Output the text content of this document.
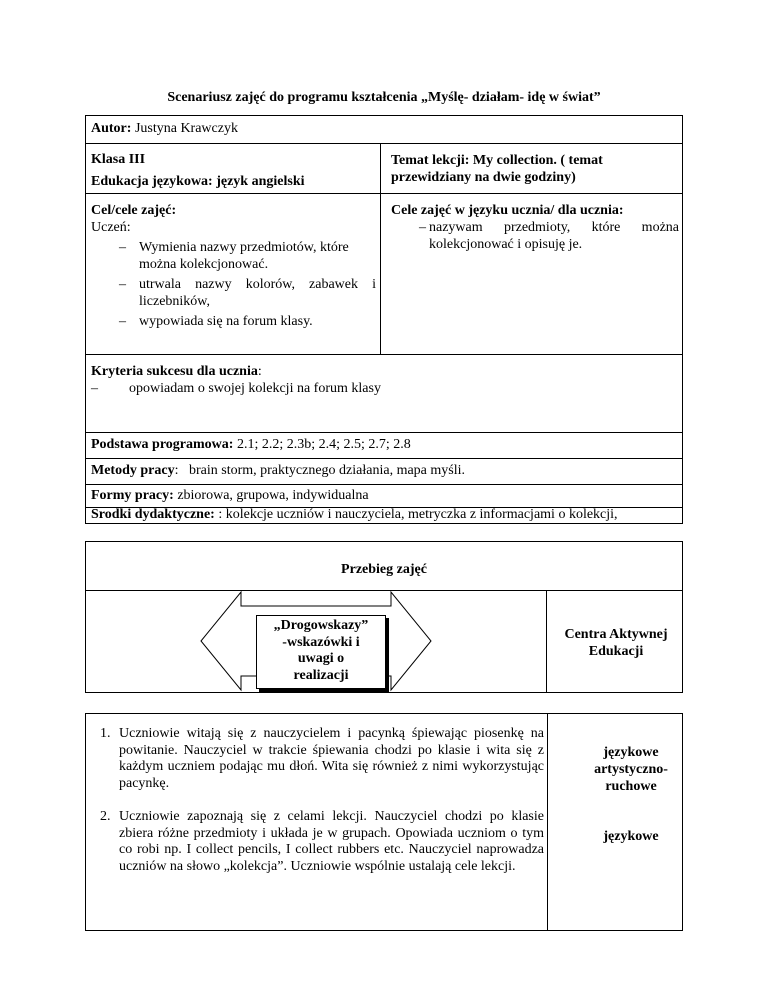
Scenariusz zajęć do programu kształcenia „Myślę- działam- idę w świat”
Autor: Justyna Krawczyk
Klasa III
Edukacja językowa: język angielski
Temat lekcji: My collection. ( temat przewidziany na dwie godziny)
Cel/cele zajęć:
Uczeń:
– Wymienia nazwy przedmiotów, które można kolekcjonować.
– utrwala nazwy kolorów, zabawek i liczebników,
– wypowiada się na forum klasy.
Cele zajęć w języku ucznia/ dla ucznia:
– nazywam przedmioty, które można kolekcjonować i opisuję je.
Kryteria sukcesu dla ucznia:
– opowiadam o swojej kolekcji na forum klasy
Podstawa programowa: 2.1; 2.2; 2.3b; 2.4; 2.5; 2.7; 2.8
Metody pracy:   brain storm, praktycznego działania, mapa myśli.
Formy pracy: zbiorowa, grupowa, indywidualna
Środki dydaktyczne: : kolekcje uczniów i nauczyciela, metryczka z informacjami o kolekcji,
Przebieg zajęć
„Drogowskazy” -wskazówki i uwagi o realizacji
Centra Aktywnej Edukacji
1. Uczniowie witają się z nauczycielem i pacynką śpiewając piosenkę na powitanie. Nauczyciel w trakcie śpiewania chodzi po klasie i wita się z każdym uczniem podając mu dłoń. Wita się również z nimi wykorzystując pacynkę.
2. Uczniowie zapoznają się z celami lekcji. Nauczyciel chodzi po klasie zbiera różne przedmioty i układa je w grupach. Opowiada uczniom o tym co robi np. I collect pencils, I collect rubbers etc. Nauczyciel naprowadza uczniów na słowo „kolekcja”. Uczniowie wspólnie ustalają cele lekcji.
językowe artystyczno-ruchowe
językowe
